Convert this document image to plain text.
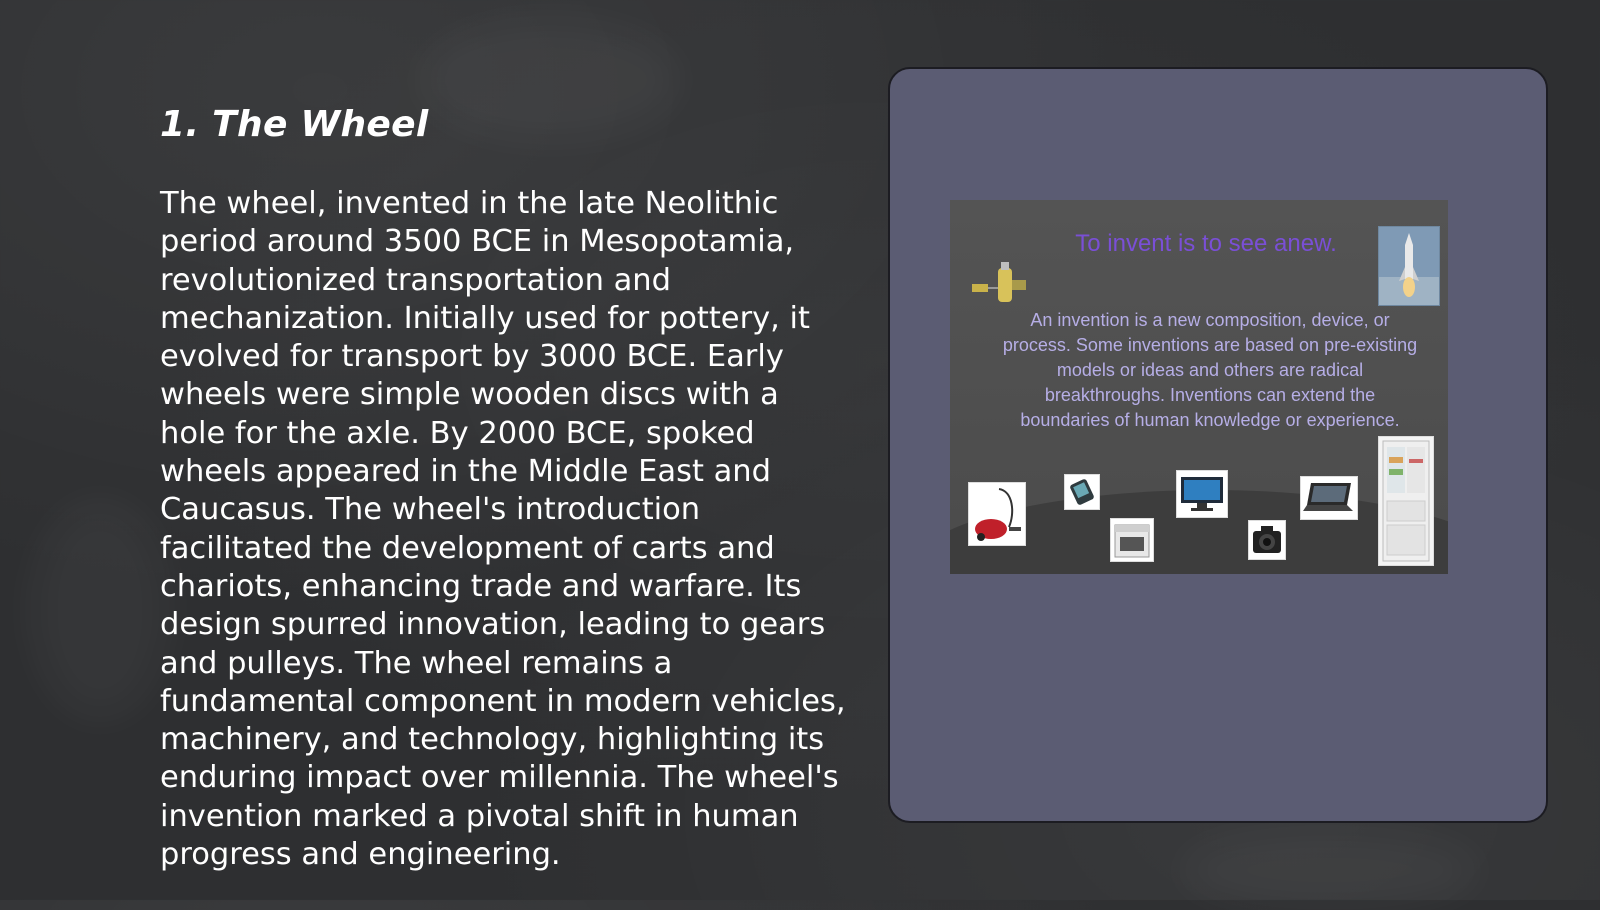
1. The Wheel

The wheel, invented in the late Neolithic period around 3500 BCE in Mesopotamia, revolutionized transportation and mechanization. Initially used for pottery, it evolved for transport by 3000 BCE. Early wheels were simple wooden discs with a hole for the axle. By 2000 BCE, spoked wheels appeared in the Middle East and Caucasus. The wheel's introduction facilitated the development of carts and chariots, enhancing trade and warfare. Its design spurred innovation, leading to gears and pulleys. The wheel remains a fundamental component in modern vehicles, machinery, and technology, highlighting its enduring impact over millennia. The wheel's invention marked a pivotal shift in human progress and engineering.

To invent is to see anew.

An invention is a new composition, device, or process. Some inventions are based on pre-existing models or ideas and others are radical breakthroughs. Inventions can extend the boundaries of human knowledge or experience.
